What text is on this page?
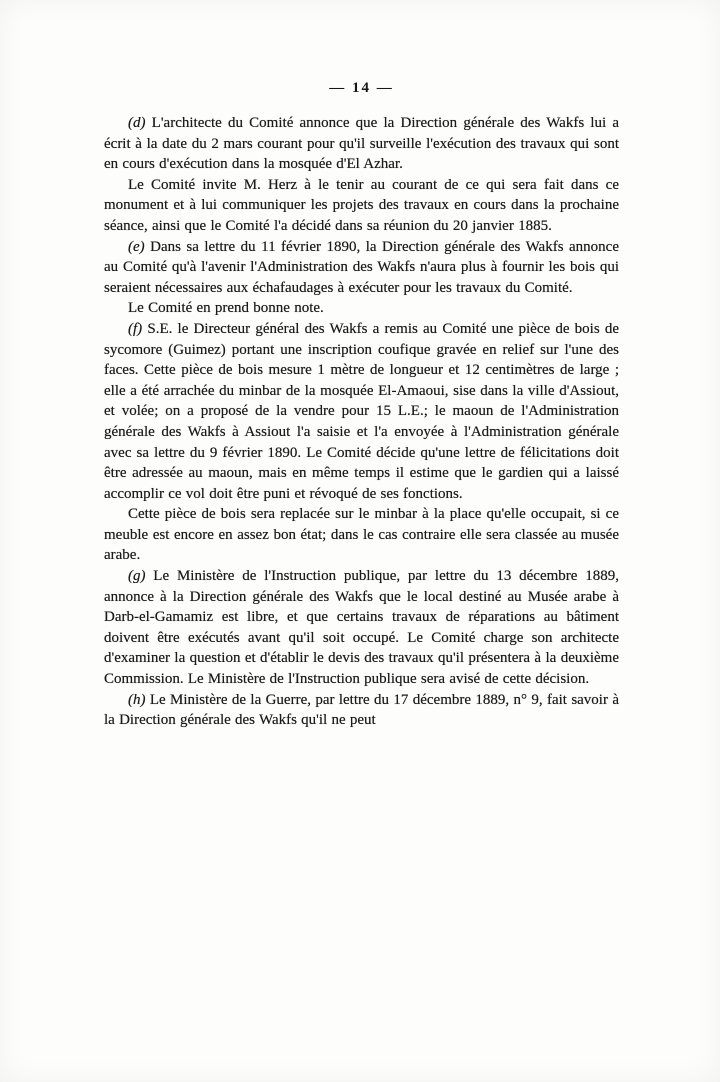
— 14 —

(d) L'architecte du Comité annonce que la Direction générale des Wakfs lui a écrit à la date du 2 mars courant pour qu'il surveille l'exécution des travaux qui sont en cours d'exécution dans la mosquée d'El Azhar.

Le Comité invite M. Herz à le tenir au courant de ce qui sera fait dans ce monument et à lui communiquer les projets des travaux en cours dans la prochaine séance, ainsi que le Comité l'a décidé dans sa réunion du 20 janvier 1885.

(e) Dans sa lettre du 11 février 1890, la Direction générale des Wakfs annonce au Comité qu'à l'avenir l'Administration des Wakfs n'aura plus à fournir les bois qui seraient nécessaires aux échafaudages à exécuter pour les travaux du Comité.

Le Comité en prend bonne note.

(f) S.E. le Directeur général des Wakfs a remis au Comité une pièce de bois de sycomore (Guimez) portant une inscription coufique gravée en relief sur l'une des faces. Cette pièce de bois mesure 1 mètre de longueur et 12 centimètres de large ; elle a été arrachée du minbar de la mosquée El-Amaoui, sise dans la ville d'Assiout, et volée; on a proposé de la vendre pour 15 L.E.; le maoun de l'Administration générale des Wakfs à Assiout l'a saisie et l'a envoyée à l'Administration générale avec sa lettre du 9 février 1890. Le Comité décide qu'une lettre de félicitations doit être adressée au maoun, mais en même temps il estime que le gardien qui a laissé accomplir ce vol doit être puni et révoqué de ses fonctions.

Cette pièce de bois sera replacée sur le minbar à la place qu'elle occupait, si ce meuble est encore en assez bon état; dans le cas contraire elle sera classée au musée arabe.

(g) Le Ministère de l'Instruction publique, par lettre du 13 décembre 1889, annonce à la Direction générale des Wakfs que le local destiné au Musée arabe à Darb-el-Gamamiz est libre, et que certains travaux de réparations au bâtiment doivent être exécutés avant qu'il soit occupé. Le Comité charge son architecte d'examiner la question et d'établir le devis des travaux qu'il présentera à la deuxième Commission. Le Ministère de l'Instruction publique sera avisé de cette décision.

(h) Le Ministère de la Guerre, par lettre du 17 décembre 1889, n° 9, fait savoir à la Direction générale des Wakfs qu'il ne peut
